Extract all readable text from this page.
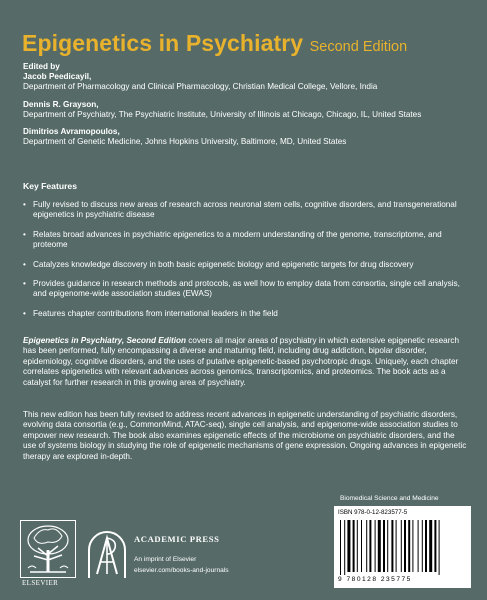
Epigenetics in Psychiatry Second Edition
Edited by
Jacob Peedicayil,
Department of Pharmacology and Clinical Pharmacology, Christian Medical College, Vellore, India
Dennis R. Grayson,
Department of Psychiatry, The Psychiatric Institute, University of Illinois at Chicago, Chicago, IL, United States
Dimitrios Avramopoulos,
Department of Genetic Medicine, Johns Hopkins University, Baltimore, MD, United States
Key Features
• Fully revised to discuss new areas of research across neuronal stem cells, cognitive disorders, and transgenerational epigenetics in psychiatric disease
• Relates broad advances in psychiatric epigenetics to a modern understanding of the genome, transcriptome, and proteome
• Catalyzes knowledge discovery in both basic epigenetic biology and epigenetic targets for drug discovery
• Provides guidance in research methods and protocols, as well how to employ data from consortia, single cell analysis, and epigenome-wide association studies (EWAS)
• Features chapter contributions from international leaders in the field

Epigenetics in Psychiatry, Second Edition covers all major areas of psychiatry in which extensive epigenetic research has been performed, fully encompassing a diverse and maturing field, including drug addiction, bipolar disorder, epidemiology, cognitive disorders, and the uses of putative epigenetic-based psychotropic drugs. Uniquely, each chapter correlates epigenetics with relevant advances across genomics, transcriptomics, and proteomics. The book acts as a catalyst for further research in this growing area of psychiatry.

This new edition has been fully revised to address recent advances in epigenetic understanding of psychiatric disorders, evolving data consortia (e.g., CommonMind, ATAC-seq), single cell analysis, and epigenome-wide association studies to empower new research. The book also examines epigenetic effects of the microbiome on psychiatric disorders, and the use of systems biology in studying the role of epigenetic mechanisms of gene expression. Ongoing advances in epigenetic therapy are explored in-depth.

Biomedical Science and Medicine
ISBN 978-0-12-823577-5
9 780128 235775
ELSEVIER
ACADEMIC PRESS
An imprint of Elsevier
elsevier.com/books-and-journals
